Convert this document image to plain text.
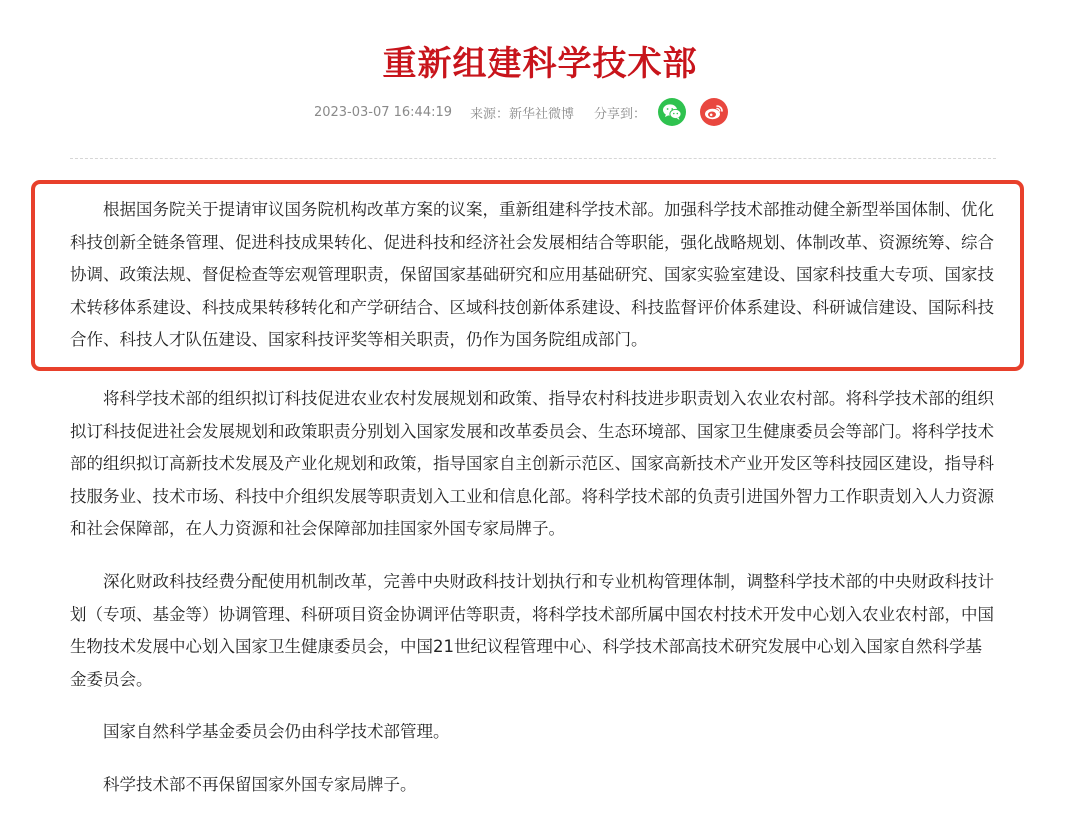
重新组建科学技术部
2023-03-07 16:44:19 来源：新华社微博 分享到：

根据国务院关于提请审议国务院机构改革方案的议案，重新组建科学技术部。加强科学技术部推动健全新型举国体制、优化科技创新全链条管理、促进科技成果转化、促进科技和经济社会发展相结合等职能，强化战略规划、体制改革、资源统筹、综合协调、政策法规、督促检查等宏观管理职责，保留国家基础研究和应用基础研究、国家实验室建设、国家科技重大专项、国家技术转移体系建设、科技成果转移转化和产学研结合、区域科技创新体系建设、科技监督评价体系建设、科研诚信建设、国际科技合作、科技人才队伍建设、国家科技评奖等相关职责，仍作为国务院组成部门。

将科学技术部的组织拟订科技促进农业农村发展规划和政策、指导农村科技进步职责划入农业农村部。将科学技术部的组织拟订科技促进社会发展规划和政策职责分别划入国家发展和改革委员会、生态环境部、国家卫生健康委员会等部门。将科学技术部的组织拟订高新技术发展及产业化规划和政策，指导国家自主创新示范区、国家高新技术产业开发区等科技园区建设，指导科技服务业、技术市场、科技中介组织发展等职责划入工业和信息化部。将科学技术部的负责引进国外智力工作职责划入人力资源和社会保障部，在人力资源和社会保障部加挂国家外国专家局牌子。

深化财政科技经费分配使用机制改革，完善中央财政科技计划执行和专业机构管理体制，调整科学技术部的中央财政科技计划（专项、基金等）协调管理、科研项目资金协调评估等职责，将科学技术部所属中国农村技术开发中心划入农业农村部，中国生物技术发展中心划入国家卫生健康委员会，中国21世纪议程管理中心、科学技术部高技术研究发展中心划入国家自然科学基金委员会。

国家自然科学基金委员会仍由科学技术部管理。

科学技术部不再保留国家外国专家局牌子。
